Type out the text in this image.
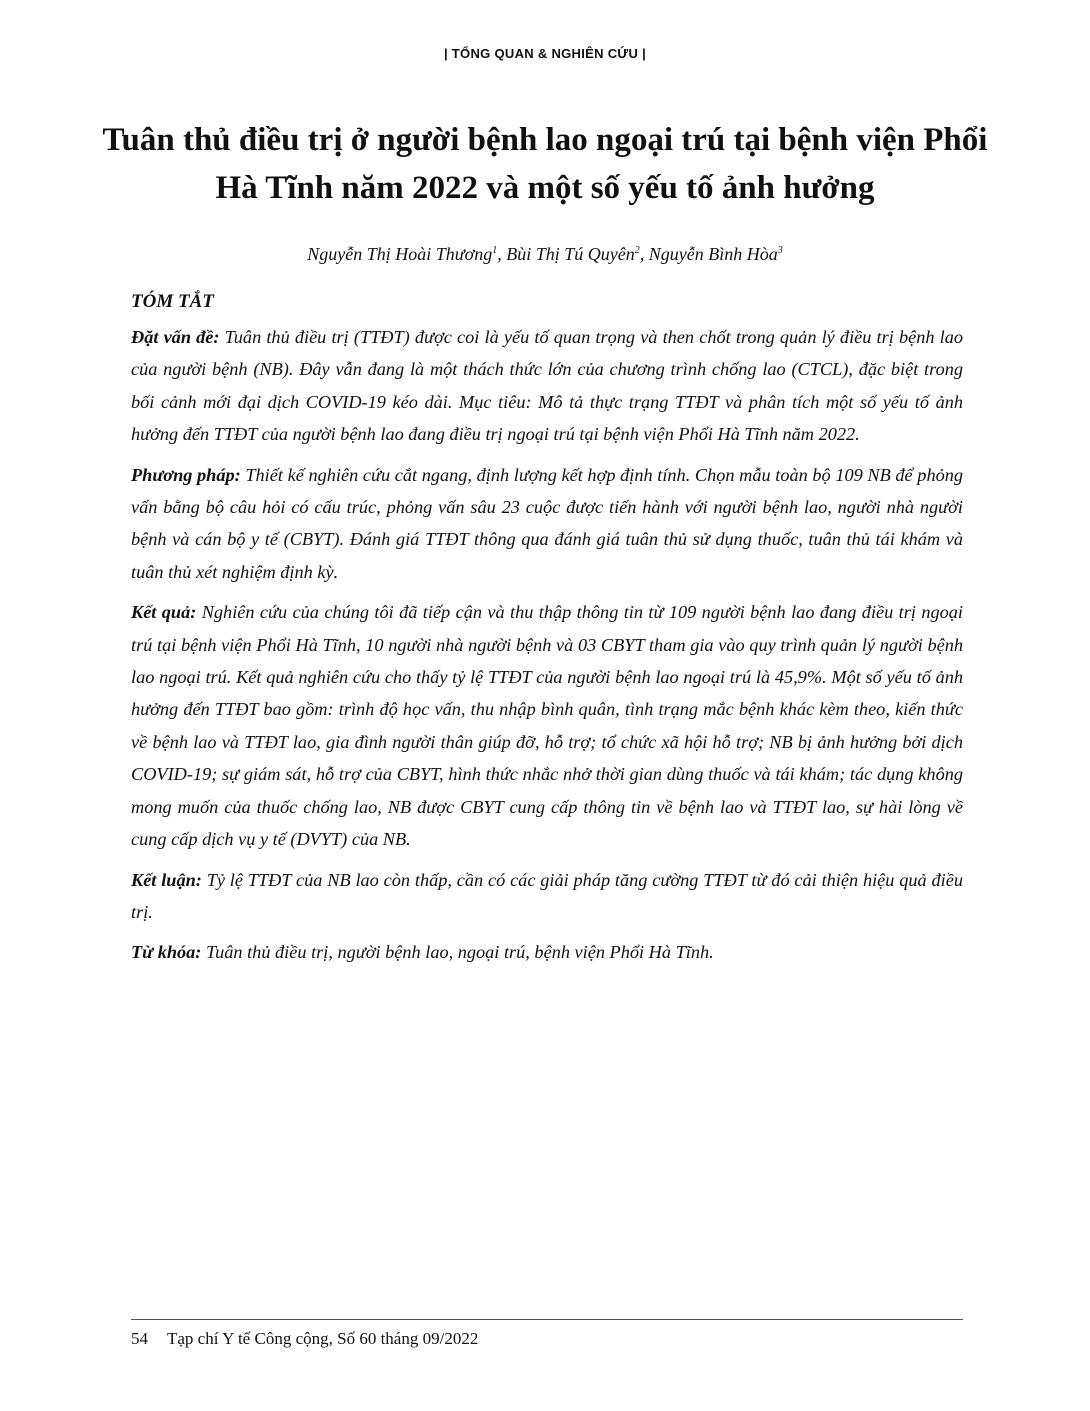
| TỔNG QUAN & NGHIÊN CỨU |
Tuân thủ điều trị ở người bệnh lao ngoại trú tại bệnh viện Phổi Hà Tĩnh năm 2022 và một số yếu tố ảnh hưởng
Nguyễn Thị Hoài Thương$^1$, Bùi Thị Tú Quyên$^2$, Nguyễn Bình Hòa$^3$
TÓM TẮT

Đặt vấn đề: Tuân thủ điều trị (TTĐT) được coi là yếu tố quan trọng và then chốt trong quản lý điều trị bệnh lao của người bệnh (NB). Đây vẫn đang là một thách thức lớn của chương trình chống lao (CTCL), đặc biệt trong bối cảnh mới đại dịch COVID-19 kéo dài. Mục tiêu: Mô tả thực trạng TTĐT và phân tích một số yếu tố ảnh hưởng đến TTĐT của người bệnh lao đang điều trị ngoại trú tại bệnh viện Phổi Hà Tĩnh năm 2022.

Phương pháp: Thiết kế nghiên cứu cắt ngang, định lượng kết hợp định tính. Chọn mẫu toàn bộ 109 NB để phỏng vấn bằng bộ câu hỏi có cấu trúc, phỏng vấn sâu 23 cuộc được tiến hành với người bệnh lao, người nhà người bệnh và cán bộ y tế (CBYT). Đánh giá TTĐT thông qua đánh giá tuân thủ sử dụng thuốc, tuân thủ tái khám và tuân thủ xét nghiệm định kỳ.

Kết quả: Nghiên cứu của chúng tôi đã tiếp cận và thu thập thông tin từ 109 người bệnh lao đang điều trị ngoại trú tại bệnh viện Phổi Hà Tĩnh, 10 người nhà người bệnh và 03 CBYT tham gia vào quy trình quản lý người bệnh lao ngoại trú. Kết quả nghiên cứu cho thấy tỷ lệ TTĐT của người bệnh lao ngoại trú là 45,9%. Một số yếu tố ảnh hưởng đến TTĐT bao gồm: trình độ học vấn, thu nhập bình quân, tình trạng mắc bệnh khác kèm theo, kiến thức về bệnh lao và TTĐT lao, gia đình người thân giúp đỡ, hỗ trợ; tổ chức xã hội hỗ trợ; NB bị ảnh hưởng bởi dịch COVID-19; sự giám sát, hỗ trợ của CBYT, hình thức nhắc nhở thời gian dùng thuốc và tái khám; tác dụng không mong muốn của thuốc chống lao, NB được CBYT cung cấp thông tin về bệnh lao và TTĐT lao, sự hài lòng về cung cấp dịch vụ y tế (DVYT) của NB.

Kết luận: Tỷ lệ TTĐT của NB lao còn thấp, cần có các giải pháp tăng cường TTĐT từ đó cải thiện hiệu quả điều trị.

Từ khóa: Tuân thủ điều trị, người bệnh lao, ngoại trú, bệnh viện Phổi Hà Tĩnh.

54 Tạp chí Y tế Công cộng, Số 60 tháng 09/2022
